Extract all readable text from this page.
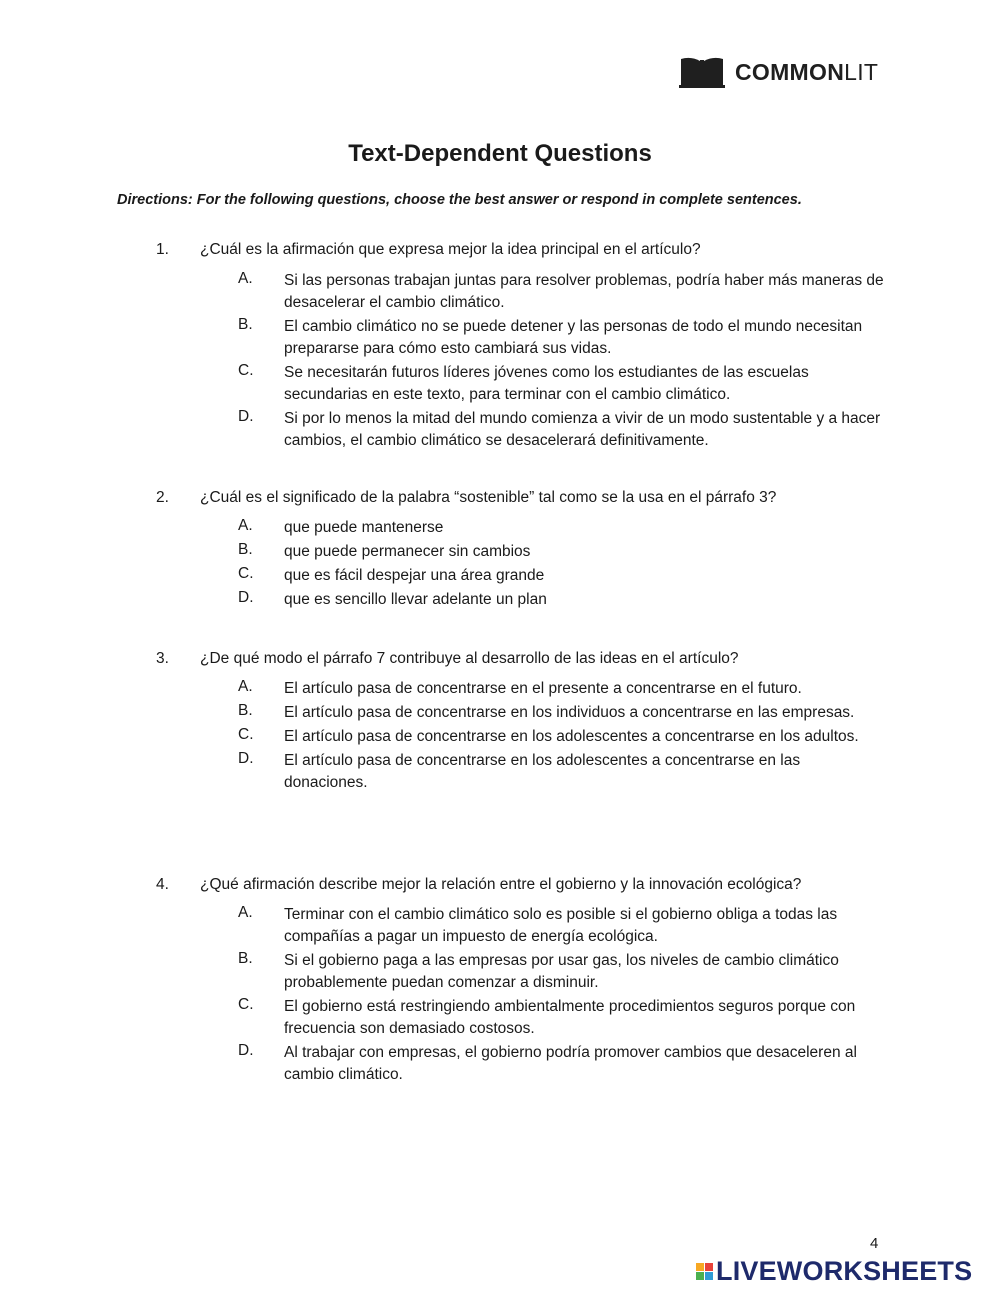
COMMONLIT
Text-Dependent Questions
Directions: For the following questions, choose the best answer or respond in complete sentences.
1. ¿Cuál es la afirmación que expresa mejor la idea principal en el artículo?
A. Si las personas trabajan juntas para resolver problemas, podría haber más maneras de desacelerar el cambio climático.
B. El cambio climático no se puede detener y las personas de todo el mundo necesitan prepararse para cómo esto cambiará sus vidas.
C. Se necesitarán futuros líderes jóvenes como los estudiantes de las escuelas secundarias en este texto, para terminar con el cambio climático.
D. Si por lo menos la mitad del mundo comienza a vivir de un modo sustentable y a hacer cambios, el cambio climático se desacelerará definitivamente.
2. ¿Cuál es el significado de la palabra “sostenible” tal como se la usa en el párrafo 3?
A. que puede mantenerse
B. que puede permanecer sin cambios
C. que es fácil despejar una área grande
D. que es sencillo llevar adelante un plan
3. ¿De qué modo el párrafo 7 contribuye al desarrollo de las ideas en el artículo?
A. El artículo pasa de concentrarse en el presente a concentrarse en el futuro.
B. El artículo pasa de concentrarse en los individuos a concentrarse en las empresas.
C. El artículo pasa de concentrarse en los adolescentes a concentrarse en los adultos.
D. El artículo pasa de concentrarse en los adolescentes a concentrarse en las donaciones.
4. ¿Qué afirmación describe mejor la relación entre el gobierno y la innovación ecológica?
A. Terminar con el cambio climático solo es posible si el gobierno obliga a todas las compañías a pagar un impuesto de energía ecológica.
B. Si el gobierno paga a las empresas por usar gas, los niveles de cambio climático probablemente puedan comenzar a disminuir.
C. El gobierno está restringiendo ambientalmente procedimientos seguros porque con frecuencia son demasiado costosos.
D. Al trabajar con empresas, el gobierno podría promover cambios que desaceleren al cambio climático.
4
LIVEWORKSHEETS
